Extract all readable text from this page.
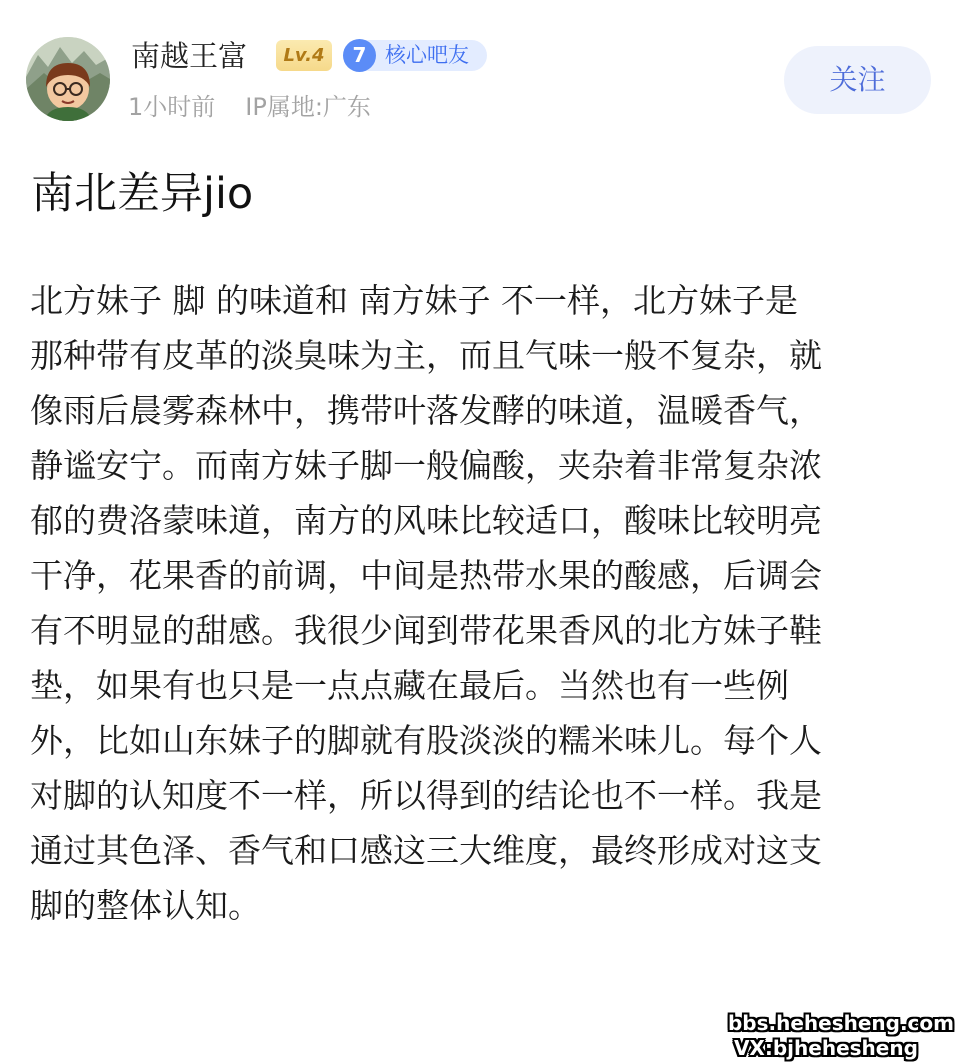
南越王富	Lv.4	7 核心吧友
1小时前 IP属地:广东
关注
南北差异jio
北方妹子 脚 的味道和 南方妹子 不一样，北方妹子是
那种带有皮革的淡臭味为主，而且气味一般不复杂，就
像雨后晨雾森林中，携带叶落发酵的味道，温暖香气，
静谧安宁。而南方妹子脚一般偏酸，夹杂着非常复杂浓
郁的费洛蒙味道，南方的风味比较适口，酸味比较明亮
干净，花果香的前调，中间是热带水果的酸感，后调会
有不明显的甜感。我很少闻到带花果香风的北方妹子鞋
垫，如果有也只是一点点藏在最后。当然也有一些例
外，比如山东妹子的脚就有股淡淡的糯米味儿。每个人
对脚的认知度不一样，所以得到的结论也不一样。我是
通过其色泽、香气和口感这三大维度，最终形成对这支
脚的整体认知。
bbs.hehesheng.com
VX:bjhehesheng
